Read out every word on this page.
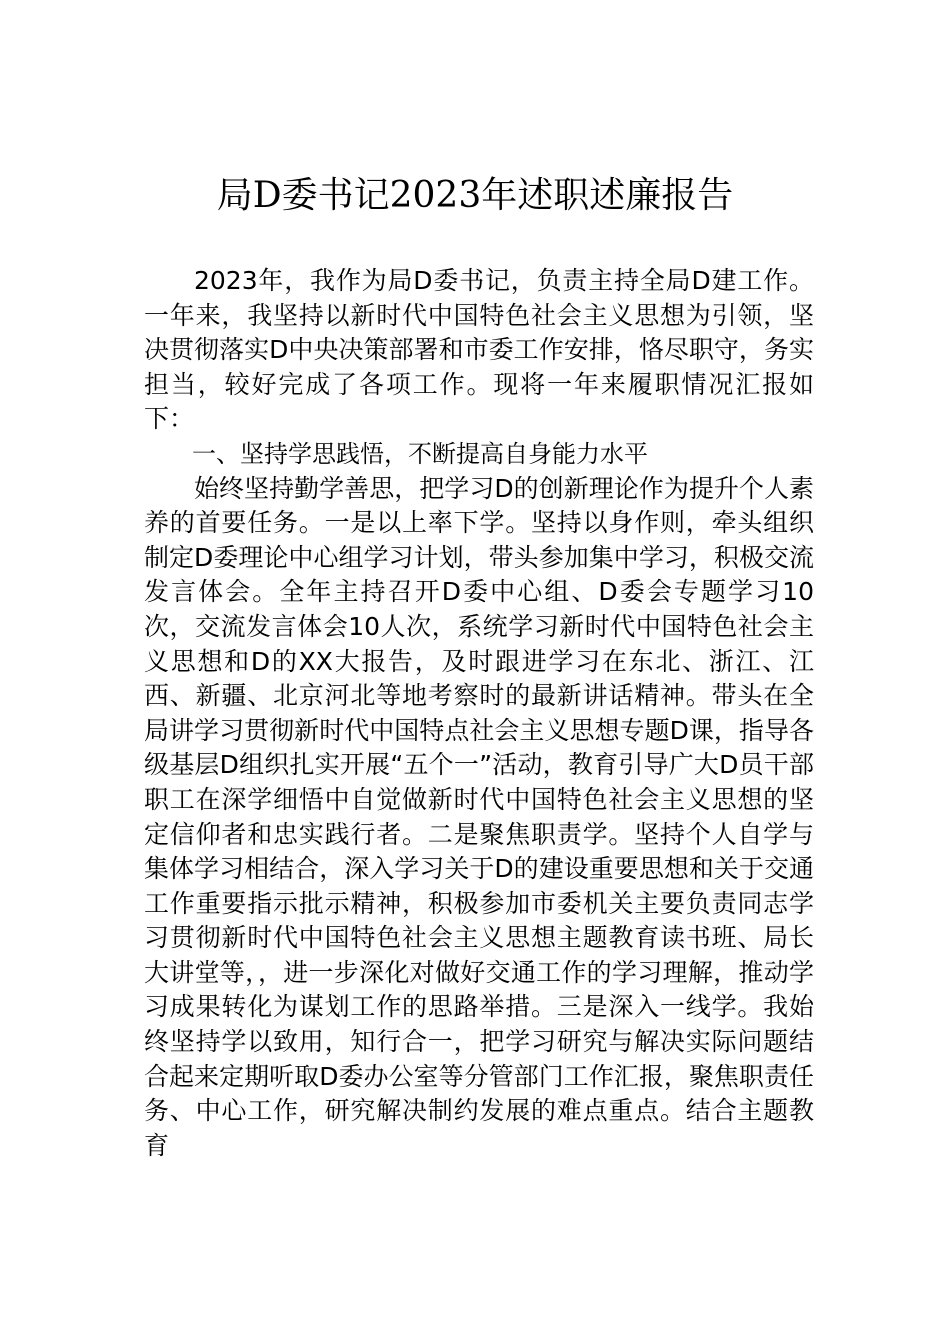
局D委书记2023年述职述廉报告

2023年，我作为局D委书记，负责主持全局D建工作。一年来，我坚持以新时代中国特色社会主义思想为引领，坚决贯彻落实D中央决策部署和市委工作安排，恪尽职守，务实担当，较好完成了各项工作。现将一年来履职情况汇报如下：

一、坚持学思践悟，不断提高自身能力水平

始终坚持勤学善思，把学习D的创新理论作为提升个人素养的首要任务。一是以上率下学。坚持以身作则，牵头组织制定D委理论中心组学习计划，带头参加集中学习，积极交流发言体会。全年主持召开D委中心组、D委会专题学习10次，交流发言体会10人次，系统学习新时代中国特色社会主义思想和D的XX大报告，及时跟进学习在东北、浙江、江西、新疆、北京河北等地考察时的最新讲话精神。带头在全局讲学习贯彻新时代中国特点社会主义思想专题D课，指导各级基层D组织扎实开展“五个一”活动，教育引导广大D员干部职工在深学细悟中自觉做新时代中国特色社会主义思想的坚定信仰者和忠实践行者。二是聚焦职责学。坚持个人自学与集体学习相结合，深入学习关于D的建设重要思想和关于交通工作重要指示批示精神，积极参加市委机关主要负责同志学习贯彻新时代中国特色社会主义思想主题教育读书班、局长大讲堂等，，进一步深化对做好交通工作的学习理解，推动学习成果转化为谋划工作的思路举措。三是深入一线学。我始终坚持学以致用，知行合一，把学习研究与解决实际问题结合起来定期听取D委办公室等分管部门工作汇报，聚焦职责任务、中心工作，研究解决制约发展的难点重点。结合主题教育
